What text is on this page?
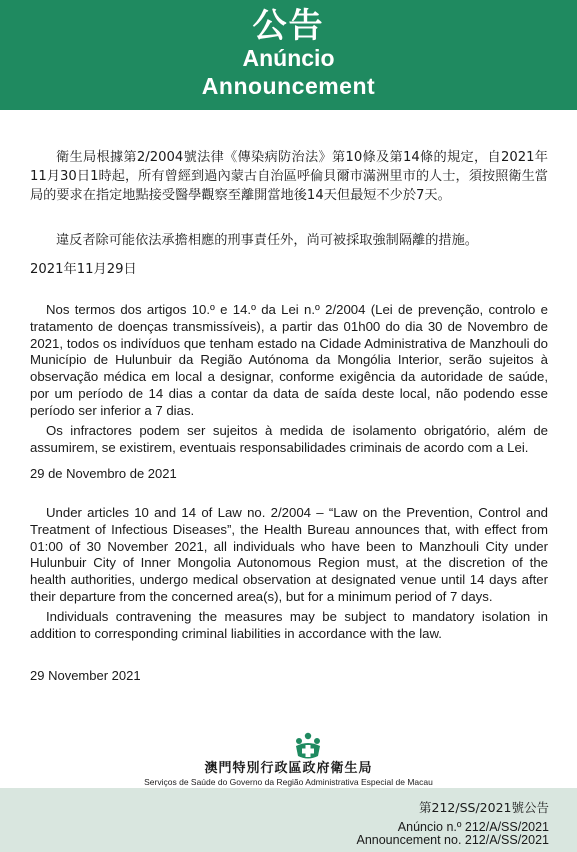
公告
Anúncio
Announcement

衛生局根據第2/2004號法律《傳染病防治法》第10條及第14條的規定，自2021年11月30日1時起，所有曾經到過內蒙古自治區呼倫貝爾市滿洲里市的人士，須按照衛生當局的要求在指定地點接受醫學觀察至離開當地後14天但最短不少於7天。

違反者除可能依法承擔相應的刑事責任外，尚可被採取強制隔離的措施。

2021年11月29日

Nos termos dos artigos 10.º e 14.º da Lei n.º 2/2004 (Lei de prevenção, controlo e tratamento de doenças transmissíveis), a partir das 01h00 do dia 30 de Novembro de 2021, todos os indivíduos que tenham estado na Cidade Administrativa de Manzhouli do Município de Hulunbuir da Região Autónoma da Mongólia Interior, serão sujeitos à observação médica em local a designar, conforme exigência da autoridade de saúde, por um período de 14 dias a contar da data de saída deste local, não podendo esse período ser inferior a 7 dias.

Os infractores podem ser sujeitos à medida de isolamento obrigatório, além de assumirem, se existirem, eventuais responsabilidades criminais de acordo com a Lei.

29 de Novembro de 2021

Under articles 10 and 14 of Law no. 2/2004 – “Law on the Prevention, Control and Treatment of Infectious Diseases”, the Health Bureau announces that, with effect from 01:00 of 30 November 2021, all individuals who have been to Manzhouli City under Hulunbuir City of Inner Mongolia Autonomous Region must, at the discretion of the health authorities, undergo medical observation at designated venue until 14 days after their departure from the concerned area(s), but for a minimum period of 7 days.

Individuals contravening the measures may be subject to mandatory isolation in addition to corresponding criminal liabilities in accordance with the law.

29 November 2021

澳門特別行政區政府衛生局
Serviços de Saúde do Governo da Região Administrativa Especial de Macau
第212/SS/2021號公告
Anúncio n.º 212/A/SS/2021
Announcement no. 212/A/SS/2021
